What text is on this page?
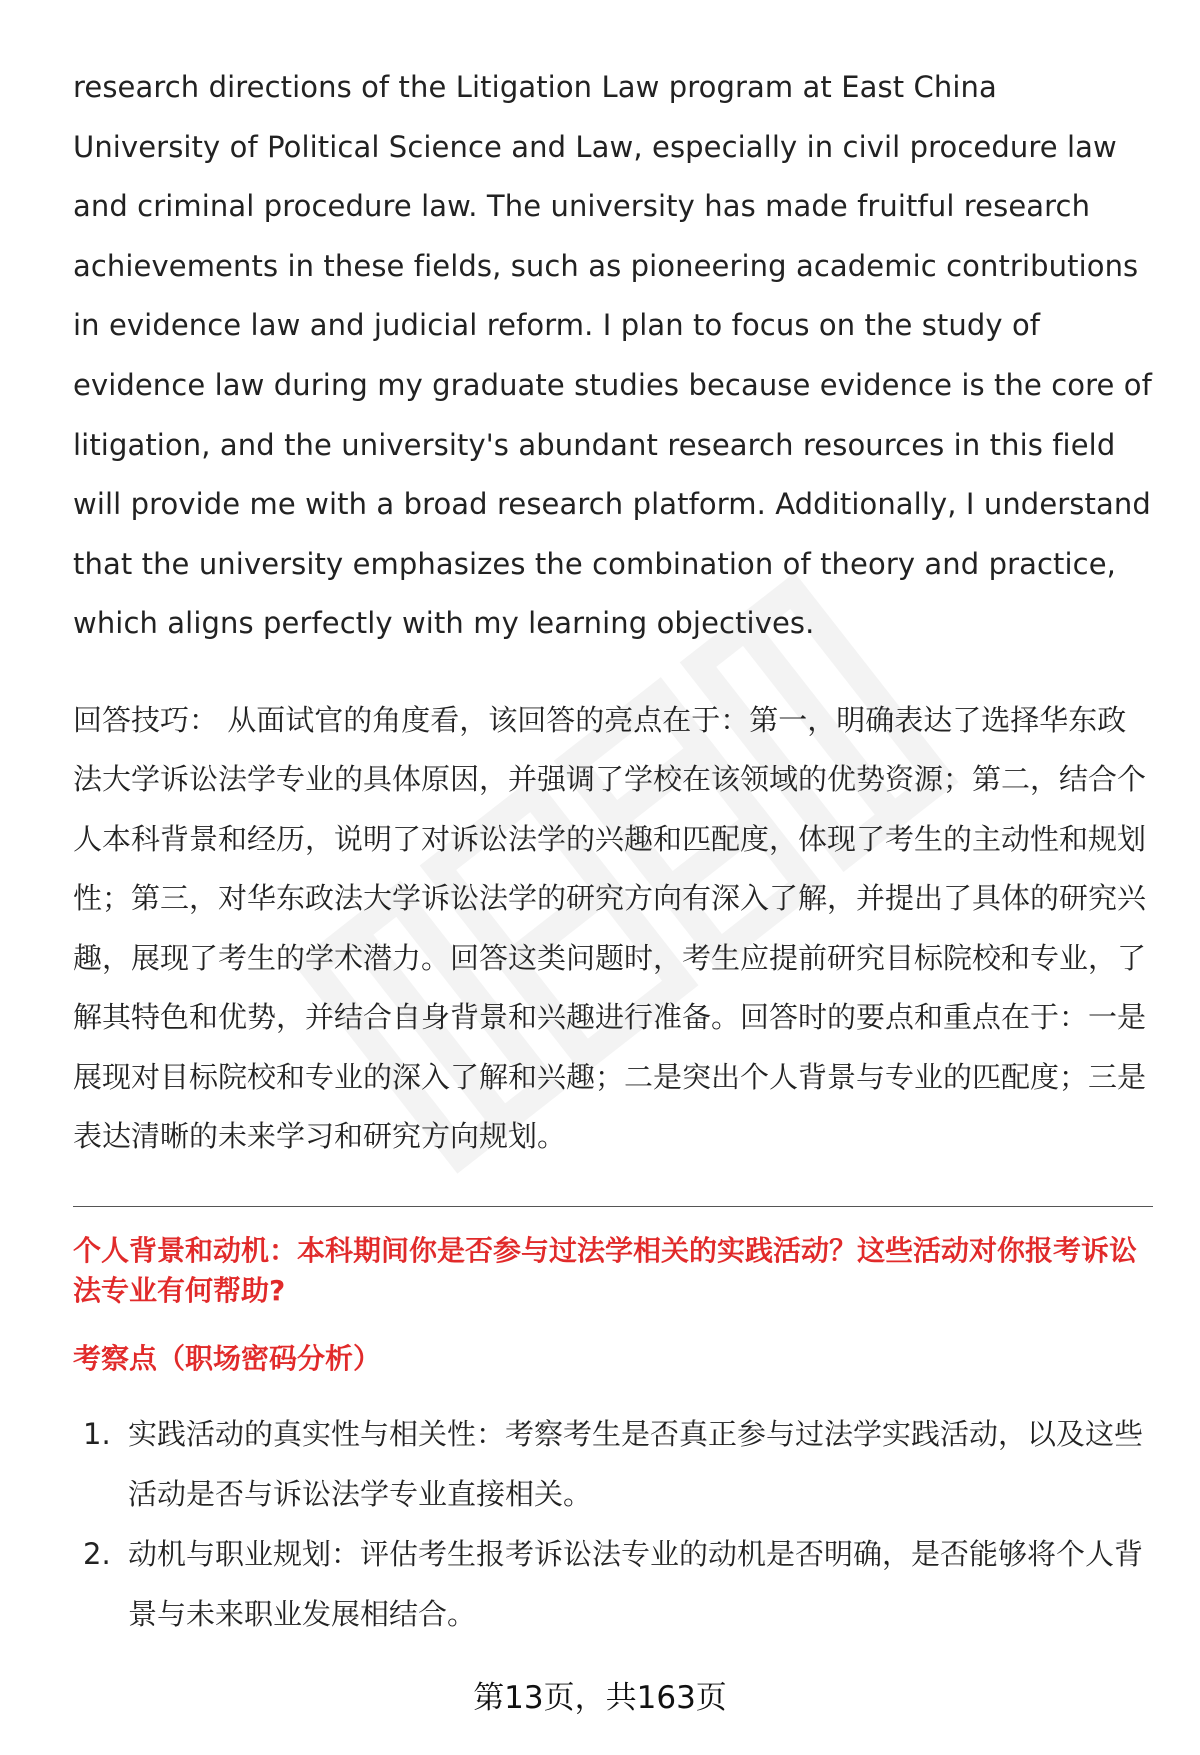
research directions of the Litigation Law program at East China University of Political Science and Law, especially in civil procedure law and criminal procedure law. The university has made fruitful research achievements in these fields, such as pioneering academic contributions in evidence law and judicial reform. I plan to focus on the study of evidence law during my graduate studies because evidence is the core of litigation, and the university's abundant research resources in this field will provide me with a broad research platform. Additionally, I understand that the university emphasizes the combination of theory and practice, which aligns perfectly with my learning objectives.

回答技巧： 从面试官的角度看，该回答的亮点在于：第一，明确表达了选择华东政法大学诉讼法学专业的具体原因，并强调了学校在该领域的优势资源；第二，结合个人本科背景和经历，说明了对诉讼法学的兴趣和匹配度，体现了考生的主动性和规划性；第三，对华东政法大学诉讼法学的研究方向有深入了解，并提出了具体的研究兴趣，展现了考生的学术潜力。回答这类问题时，考生应提前研究目标院校和专业，了解其特色和优势，并结合自身背景和兴趣进行准备。回答时的要点和重点在于：一是展现对目标院校和专业的深入了解和兴趣；二是突出个人背景与专业的匹配度；三是表达清晰的未来学习和研究方向规划。

个人背景和动机：本科期间你是否参与过法学相关的实践活动？这些活动对你报考诉讼法专业有何帮助?
考察点（职场密码分析）
1. 实践活动的真实性与相关性：考察考生是否真正参与过法学实践活动，以及这些活动是否与诉讼法学专业直接相关。
2. 动机与职业规划：评估考生报考诉讼法专业的动机是否明确，是否能够将个人背景与未来职业发展相结合。
第13页，共163页
